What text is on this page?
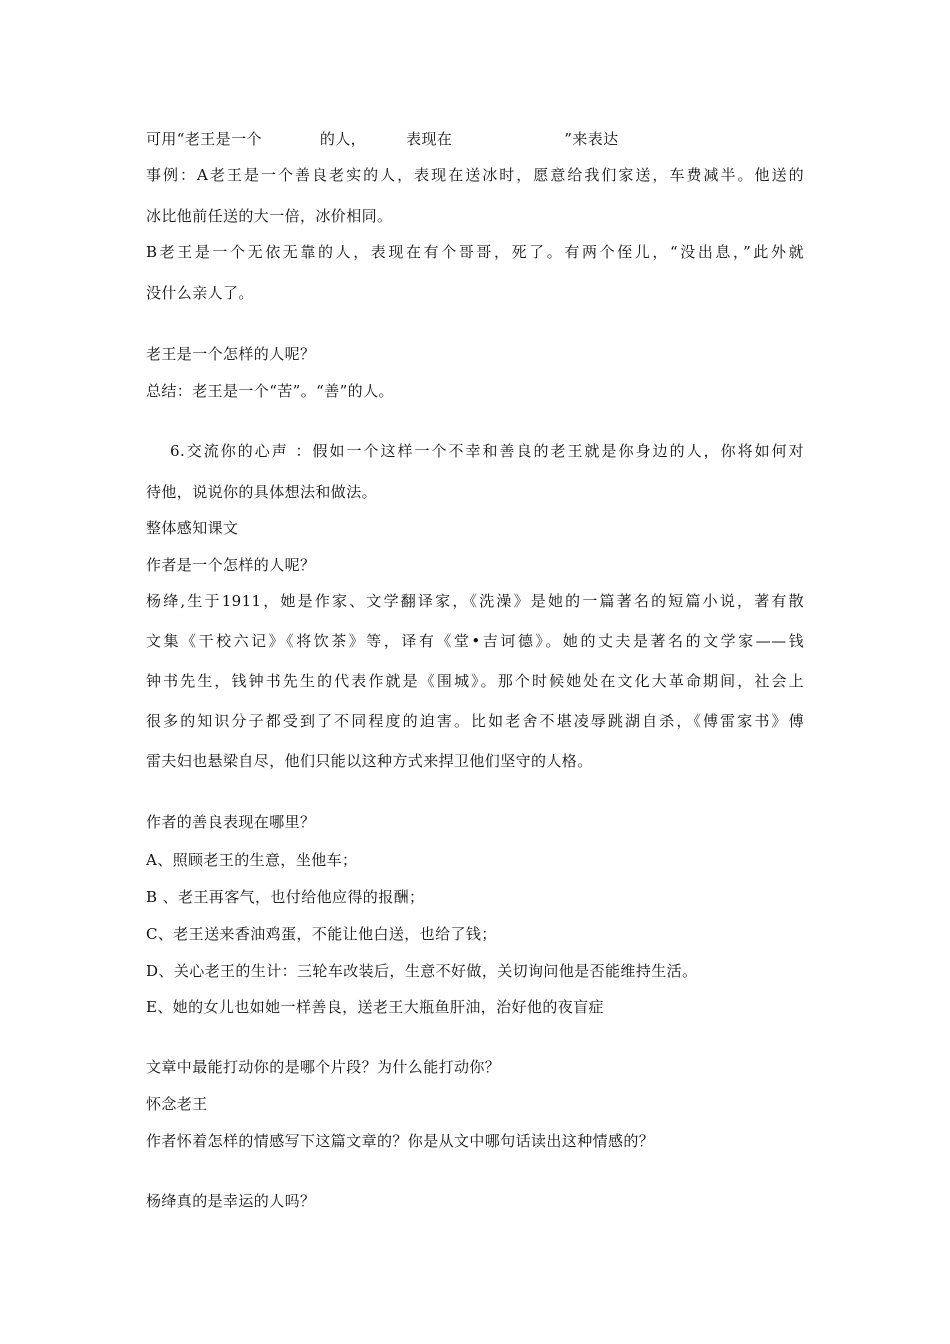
可用“老王是一个	的人，	表现在	”来表达
事例：A老王是一个善良老实的人，表现在送冰时，愿意给我们家送，车费减半。他送的
冰比他前任送的大一倍，冰价相同。
B老王是一个无依无靠的人，表现在有个哥哥，死了。有两个侄儿，“没出息，”此外就
没什么亲人了。
老王是一个怎样的人呢？
总结：老王是一个“苦”。“善”的人。
6.交流你的心声 ：假如一个这样一个不幸和善良的老王就是你身边的人，你将如何对
待他，说说你的具体想法和做法。
整体感知课文
作者是一个怎样的人呢？
杨绛,生于1911，她是作家、文学翻译家，《洗澡》是她的一篇著名的短篇小说，著有散
文集《干校六记》《将饮茶》等，译有《堂•吉诃德》。她的丈夫是著名的文学家——钱
钟书先生，钱钟书先生的代表作就是《围城》。那个时候她处在文化大革命期间，社会上
很多的知识分子都受到了不同程度的迫害。比如老舍不堪凌辱跳湖自杀，《傅雷家书》傅
雷夫妇也悬梁自尽，他们只能以这种方式来捍卫他们坚守的人格。
作者的善良表现在哪里？
A、照顾老王的生意，坐他车；
B 、老王再客气，也付给他应得的报酬；
C、老王送来香油鸡蛋，不能让他白送，也给了钱；
D、关心老王的生计：三轮车改装后，生意不好做，关切询问他是否能维持生活。
E、她的女儿也如她一样善良，送老王大瓶鱼肝油，治好他的夜盲症
文章中最能打动你的是哪个片段？为什么能打动你？
怀念老王
作者怀着怎样的情感写下这篇文章的？你是从文中哪句话读出这种情感的？
杨绛真的是幸运的人吗？
